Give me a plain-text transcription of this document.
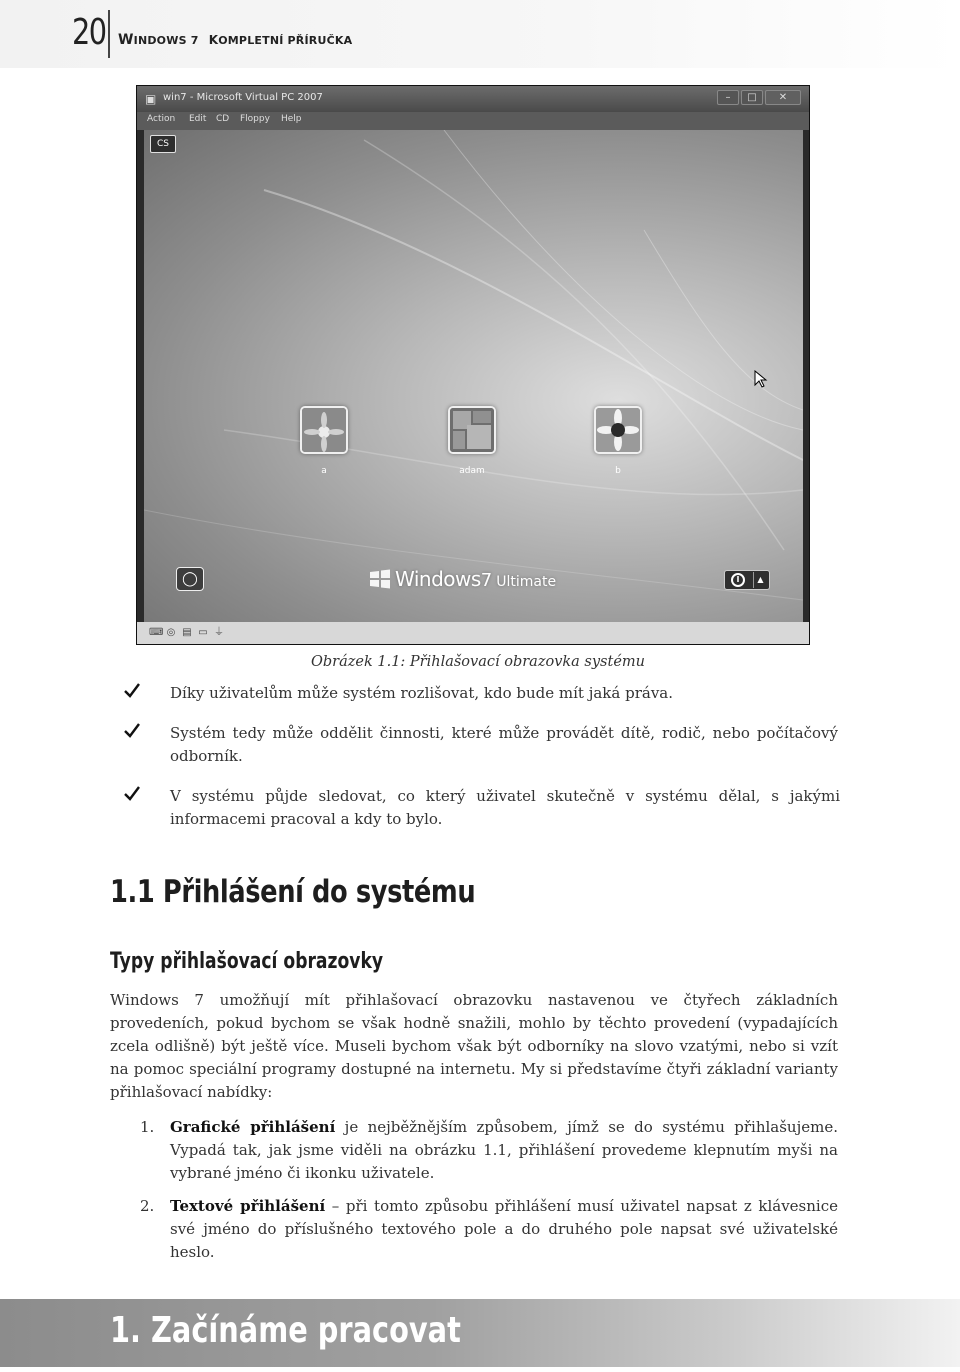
20 WINDOWS 7 KOMPLETNÍ PŘÍRUČKA
▣ win7 - Microsoft Virtual PC 2007	–	□	✕
Action Edit CD Floppy Help
CS
a	adam	b
◯	Windows7 Ultimate	I	▲
⌨ ◎ ▤ ▭ ⏚
Obrázek 1.1: Přihlašovací obrazovka systému
Díky uživatelům může systém rozlišovat, kdo bude mít jaká práva.
Systém tedy může oddělit činnosti, které může provádět dítě, rodič, nebo počítačový odborník.
V systému půjde sledovat, co který uživatel skutečně v systému dělal, s jakými informacemi pracoval a kdy to bylo.
1.1 Přihlášení do systému
Typy přihlašovací obrazovky
Windows 7 umožňují mít přihlašovací obrazovku nastavenou ve čtyřech základních provedeních, pokud bychom se však hodně snažili, mohlo by těchto provedení (vypadajících zcela odlišně) být ještě více. Museli bychom však být odborníky na slovo vzatými, nebo si vzít na pomoc speciální programy dostupné na internetu. My si představíme čtyři základní varianty přihlašovací nabídky:
1.	Grafické přihlášení je nejběžnějším způsobem, jímž se do systému přihlašujeme. Vypadá tak, jak jsme viděli na obrázku 1.1, přihlášení provedeme klepnutím myši na vybrané jméno či ikonku uživatele.
2.	Textové přihlášení – při tomto způsobu přihlášení musí uživatel napsat z klávesnice své jméno do příslušného textového pole a do druhého pole napsat své uživatelské heslo.
1. Začínáme pracovat
